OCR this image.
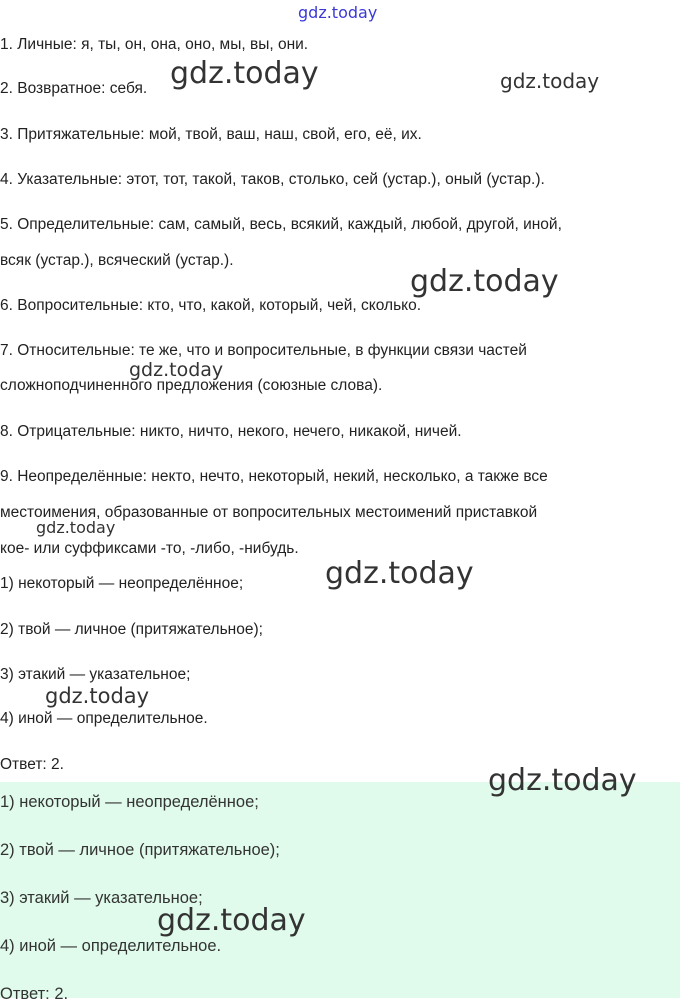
gdz.today
1. Личные: я, ты, он, она, оно, мы, вы, они.
2. Возвратное: себя.
3. Притяжательные: мой, твой, ваш, наш, свой, его, её, их.
4. Указательные: этот, тот, такой, таков, столько, сей (устар.), оный (устар.).
5. Определительные: сам, самый, весь, всякий, каждый, любой, другой, иной,
всяк (устар.), всяческий (устар.).
6. Вопросительные: кто, что, какой, который, чей, сколько.
7. Относительные: те же, что и вопросительные, в функции связи частей
сложноподчиненного предложения (союзные слова).
8. Отрицательные: никто, ничто, некого, нечего, никакой, ничей.
9. Неопределённые: некто, нечто, некоторый, некий, несколько, а также все
местоимения, образованные от вопросительных местоимений приставкой
кое- или суффиксами -то, -либо, -нибудь.
1) некоторый — неопределённое;
2) твой — личное (притяжательное);
3) этакий — указательное;
4) иной — определительное.
Ответ: 2.
1) некоторый — неопределённое;
2) твой — личное (притяжательное);
3) этакий — указательное;
4) иной — определительное.
Ответ: 2.
gdz.today	gdz.today
gdz.today
gdz.today
gdz.today
gdz.today
gdz.today
gdz.today
gdz.today
